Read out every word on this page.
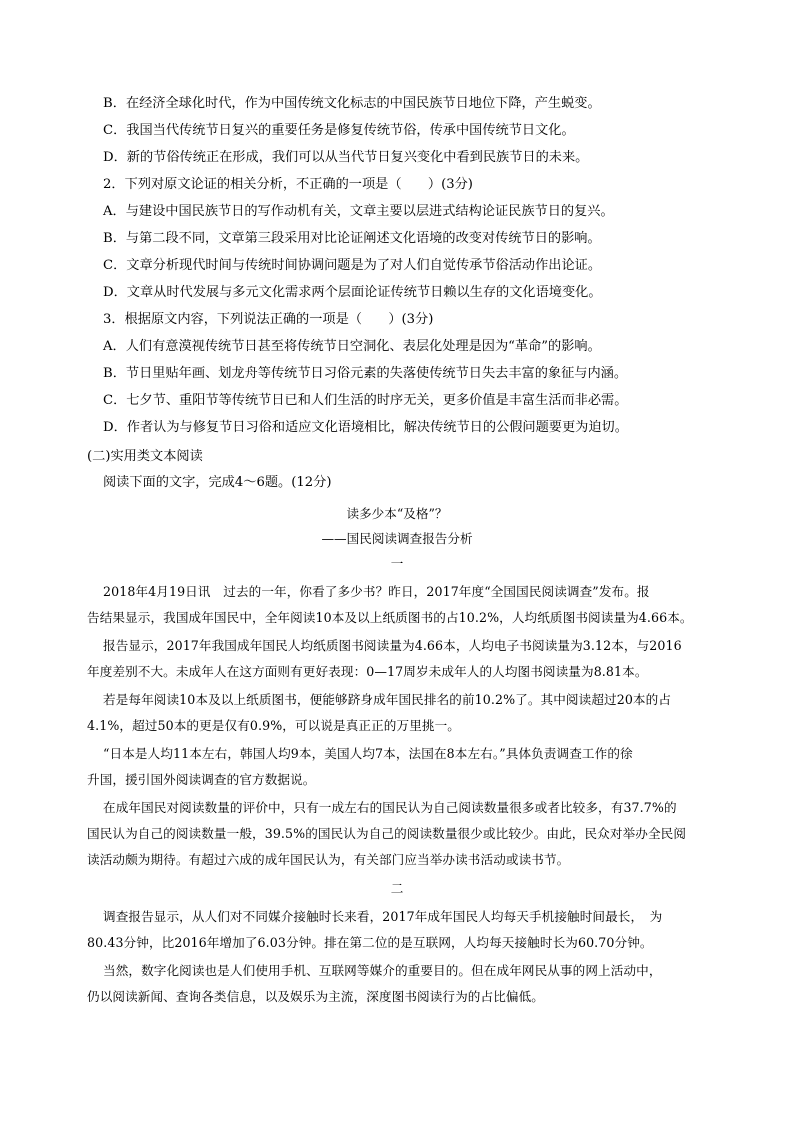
B．在经济全球化时代，作为中国传统文化标志的中国民族节日地位下降，产生蜕变。
C．我国当代传统节日复兴的重要任务是修复传统节俗，传承中国传统节日文化。
D．新的节俗传统正在形成，我们可以从当代节日复兴变化中看到民族节日的未来。
2．下列对原文论证的相关分析，不正确的一项是（　　）(3分)
A．与建设中国民族节日的写作动机有关，文章主要以层进式结构论证民族节日的复兴。
B．与第二段不同，文章第三段采用对比论证阐述文化语境的改变对传统节日的影响。
C．文章分析现代时间与传统时间协调问题是为了对人们自觉传承节俗活动作出论证。
D．文章从时代发展与多元文化需求两个层面论证传统节日赖以生存的文化语境变化。
3．根据原文内容，下列说法正确的一项是（　　）(3分)
A．人们有意漠视传统节日甚至将传统节日空洞化、表层化处理是因为“革命”的影响。
B．节日里贴年画、划龙舟等传统节日习俗元素的失落使传统节日失去丰富的象征与内涵。
C．七夕节、重阳节等传统节日已和人们生活的时序无关，更多价值是丰富生活而非必需。
D．作者认为与修复节日习俗和适应文化语境相比，解决传统节日的公假问题要更为迫切。
(二)实用类文本阅读
阅读下面的文字，完成4～6题。(12分)
读多少本“及格”？
——国民阅读调查报告分析
一
2018年4月19日讯　过去的一年，你看了多少书？昨日，2017年度“全国国民阅读调查”发布。报
告结果显示，我国成年国民中，全年阅读10本及以上纸质图书的占10.2%，人均纸质图书阅读量为4.66本。
报告显示，2017年我国成年国民人均纸质图书阅读量为4.66本，人均电子书阅读量为3.12本，与2016
年度差别不大。未成年人在这方面则有更好表现：0—17周岁未成年人的人均图书阅读量为8.81本。
若是每年阅读10本及以上纸质图书，便能够跻身成年国民排名的前10.2%了。其中阅读超过20本的占
4.1%，超过50本的更是仅有0.9%，可以说是真正正的万里挑一。
“日本是人均11本左右，韩国人均9本，美国人均7本，法国在8本左右。”具体负责调查工作的徐
升国，援引国外阅读调查的官方数据说。
在成年国民对阅读数量的评价中，只有一成左右的国民认为自己阅读数量很多或者比较多，有37.7%的
国民认为自己的阅读数量一般，39.5%的国民认为自己的阅读数量很少或比较少。由此，民众对举办全民阅
读活动颇为期待。有超过六成的成年国民认为，有关部门应当举办读书活动或读书节。
二
调查报告显示，从人们对不同媒介接触时长来看，2017年成年国民人均每天手机接触时间最长，　为
80.43分钟，比2016年增加了6.03分钟。排在第二位的是互联网，人均每天接触时长为60.70分钟。
当然，数字化阅读也是人们使用手机、互联网等媒介的重要目的。但在成年网民从事的网上活动中，
仍以阅读新闻、查询各类信息，以及娱乐为主流，深度图书阅读行为的占比偏低。
